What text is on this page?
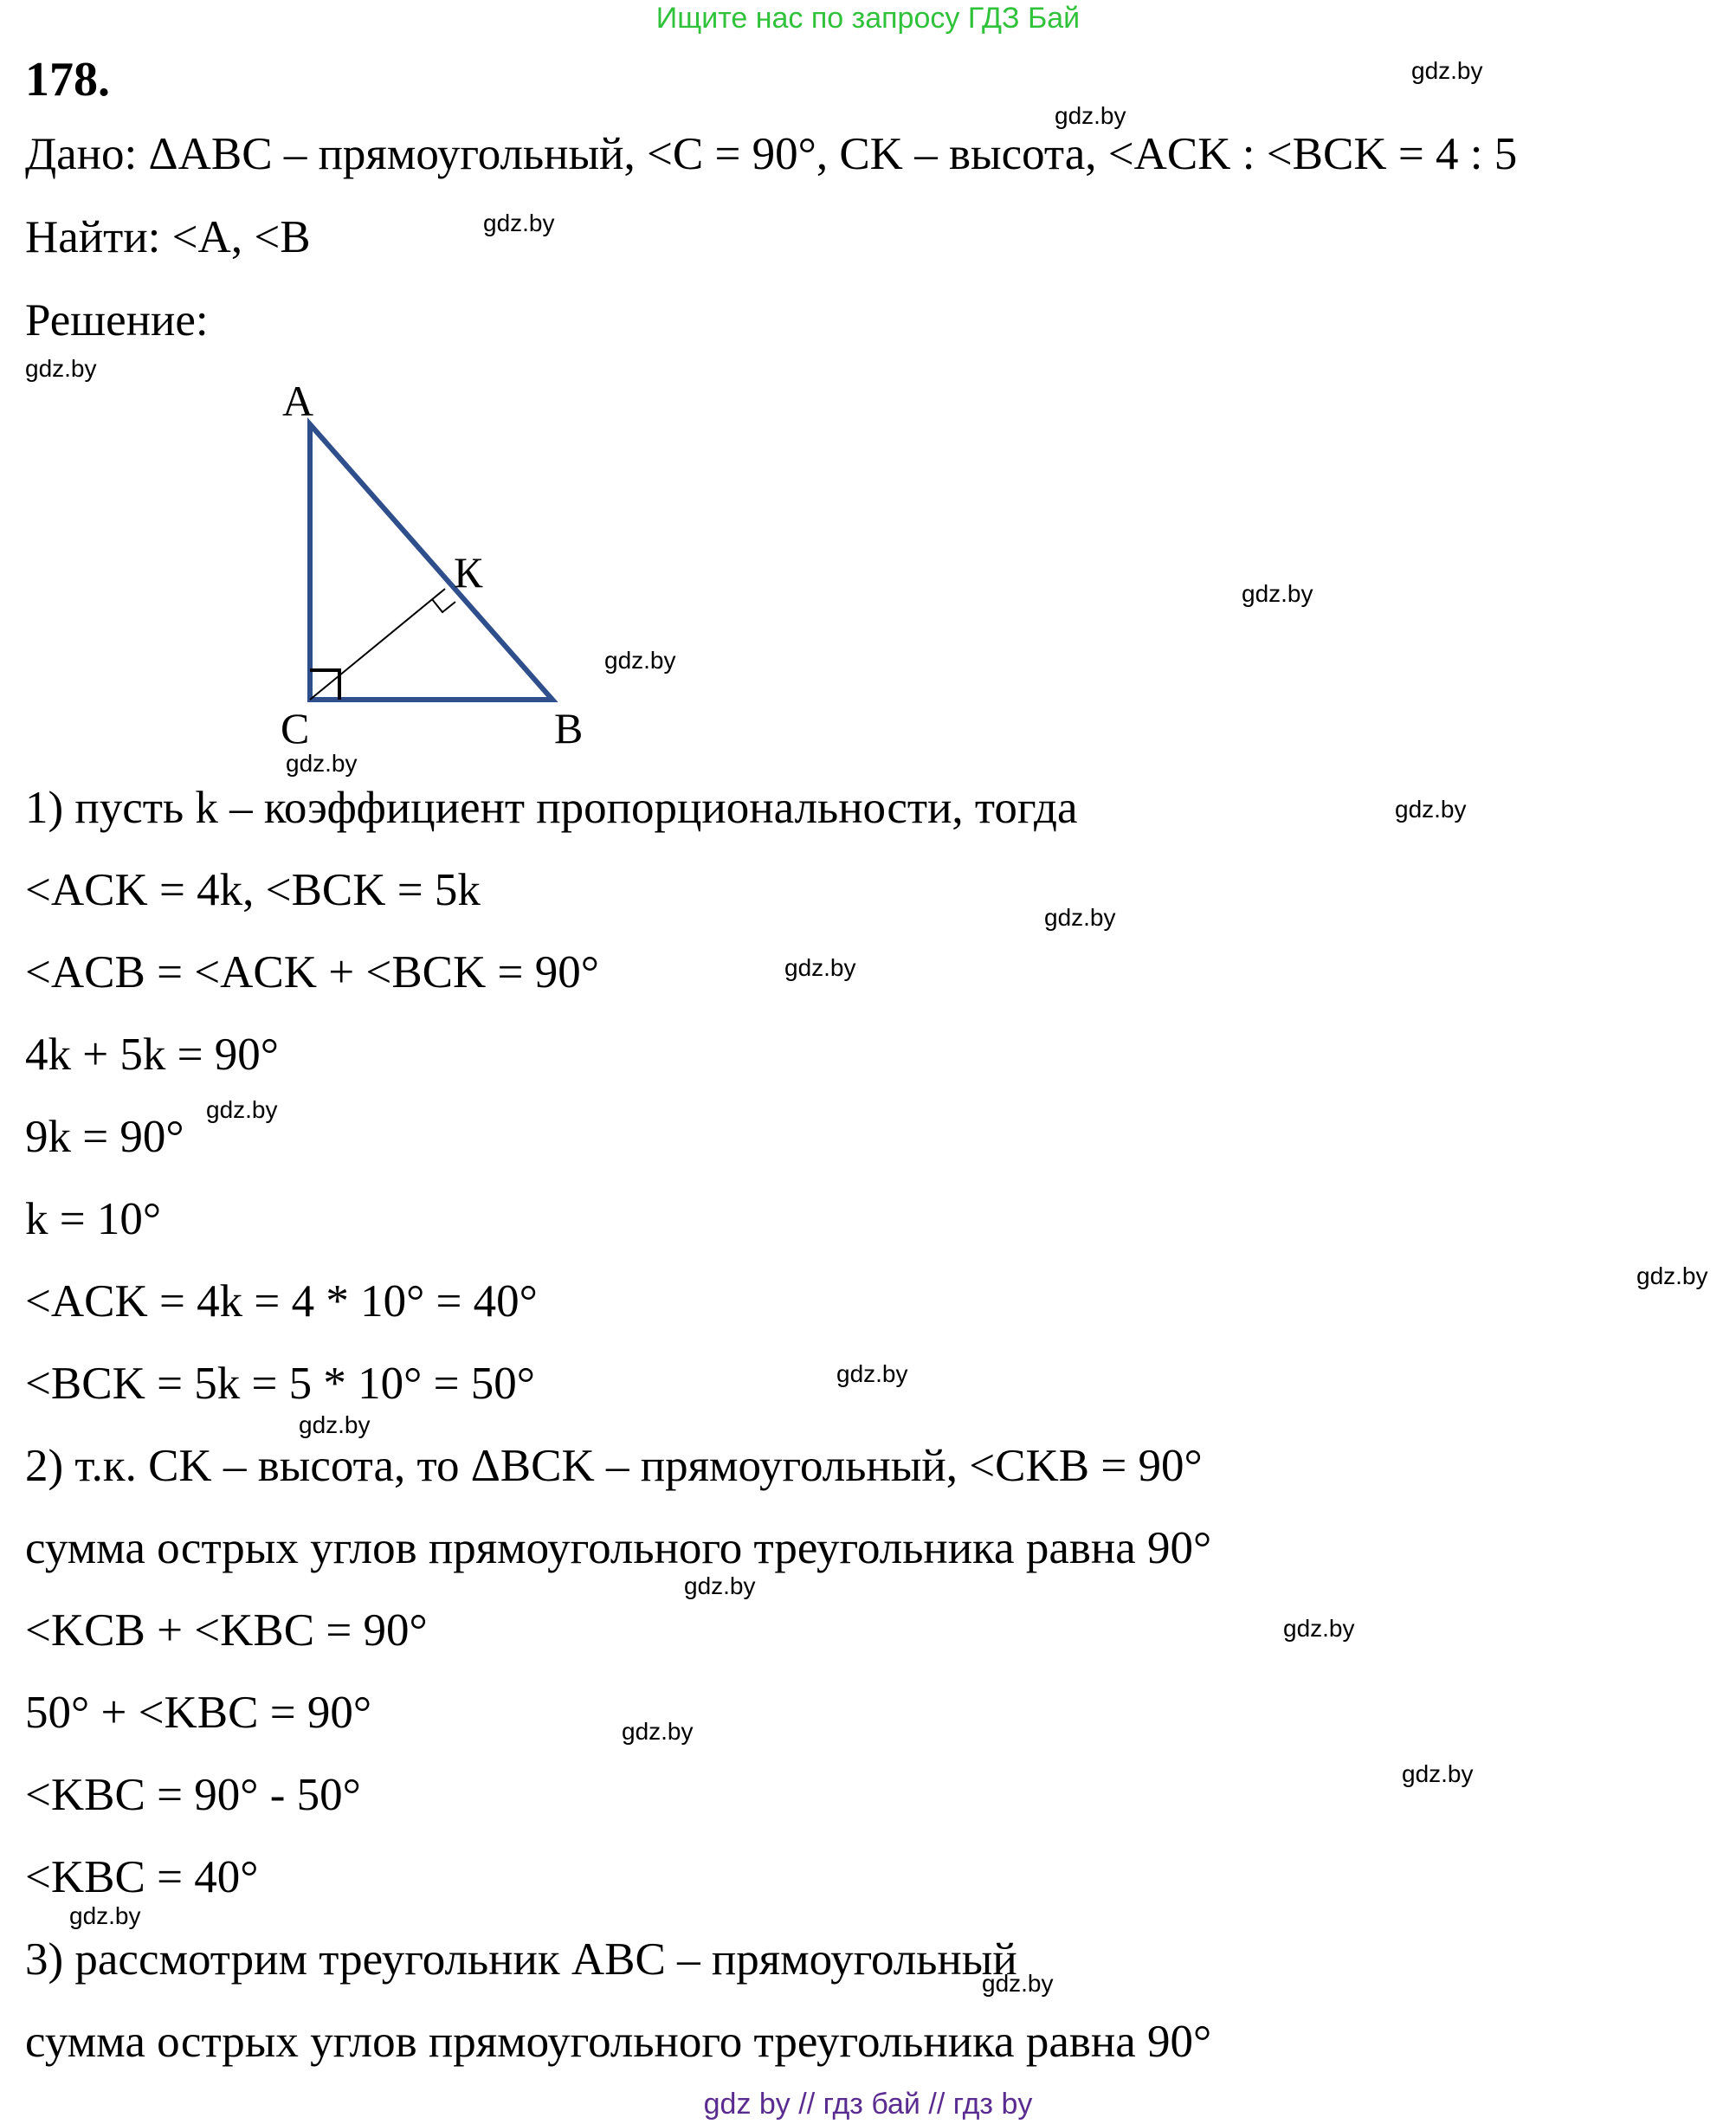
Ищите нас по запросу ГДЗ Бай
178.
Дано: ΔABC – прямоугольный, <C = 90°, CK – высота, <ACK : <BCK = 4 : 5
Найти: <A, <B
Решение:
A
К
C	B
1) пусть k – коэффициент пропорциональности, тогда
<ACK = 4k, <BCK = 5k
<ACB = <ACK + <BCK = 90°
4k + 5k = 90°
9k = 90°
k = 10°
<ACK = 4k = 4 * 10° = 40°
<BCK = 5k = 5 * 10° = 50°
2) т.к. CK – высота, то ΔBCK – прямоугольный, <CKB = 90°
сумма острых углов прямоугольного треугольника равна 90°
<KCB + <KBC = 90°
50° + <KBC = 90°
<KBC = 90° - 50°
<KBC = 40°
3) рассмотрим треугольник ABC – прямоугольный
сумма острых углов прямоугольного треугольника равна 90°
gdz.by
gdz.by
gdz.by
gdz.by
gdz.by
gdz.by
gdz.by
gdz.by
gdz.by
gdz.by
gdz.by
gdz.by
gdz.by
gdz.by
gdz.by
gdz.by
gdz.by
gdz.by
gdz.by
gdz.by
gdz by // гдз бай // гдз by
